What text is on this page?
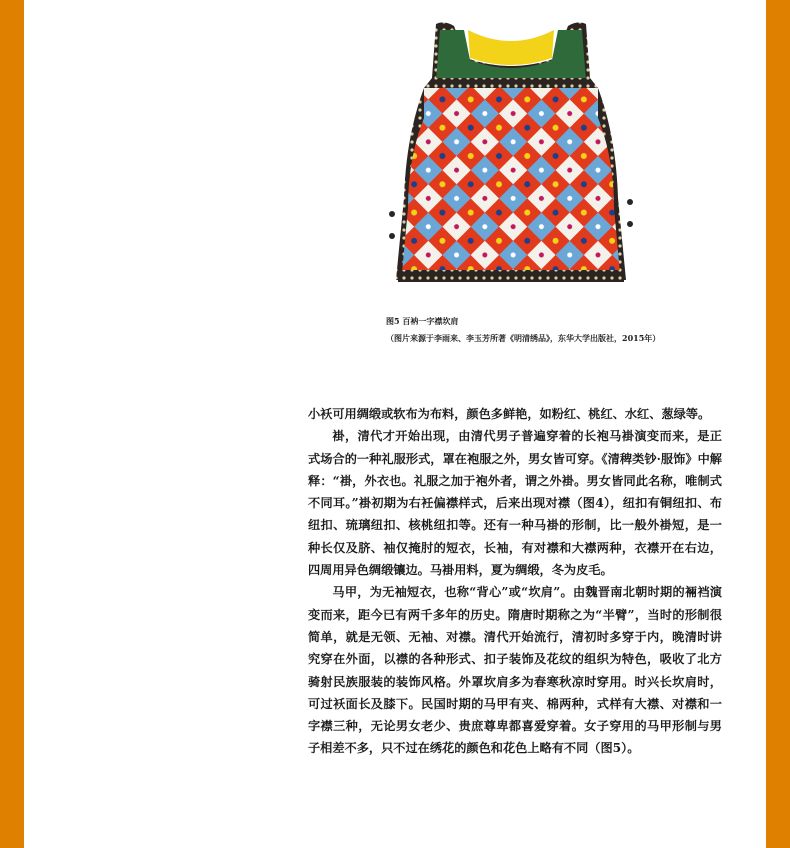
图5 百衲一字襟坎肩
（图片来源于李雨来、李玉芳所著《明清绣品》，东华大学出版社，2015年）

小袄可用绸缎或软布为布料，颜色多鲜艳，如粉红、桃红、水红、葱绿等。

褂，清代才开始出现，由清代男子普遍穿着的长袍马褂演变而来，是正式场合的一种礼服形式，罩在袍服之外，男女皆可穿。《清稗类钞·服饰》中解释：“褂，外衣也。礼服之加于袍外者，谓之外褂。男女皆同此名称，唯制式不同耳。”褂初期为右衽偏襟样式，后来出现对襟（图4），纽扣有铜纽扣、布纽扣、琉璃纽扣、核桃纽扣等。还有一种马褂的形制，比一般外褂短，是一种长仅及脐、袖仅掩肘的短衣，长袖，有对襟和大襟两种，衣襟开在右边，四周用异色绸缎镶边。马褂用料，夏为绸缎，冬为皮毛。

马甲，为无袖短衣，也称“背心”或“坎肩”。由魏晋南北朝时期的裲裆演变而来，距今已有两千多年的历史。隋唐时期称之为“半臂”，当时的形制很简单，就是无领、无袖、对襟。清代开始流行，清初时多穿于内，晚清时讲究穿在外面，以襟的各种形式、扣子装饰及花纹的组织为特色，吸收了北方骑射民族服装的装饰风格。外罩坎肩多为春寒秋凉时穿用。时兴长坎肩时，可过袄面长及膝下。民国时期的马甲有夹、棉两种，式样有大襟、对襟和一字襟三种，无论男女老少、贵庶尊卑都喜爱穿着。女子穿用的马甲形制与男子相差不多，只不过在绣花的颜色和花色上略有不同（图5）。
